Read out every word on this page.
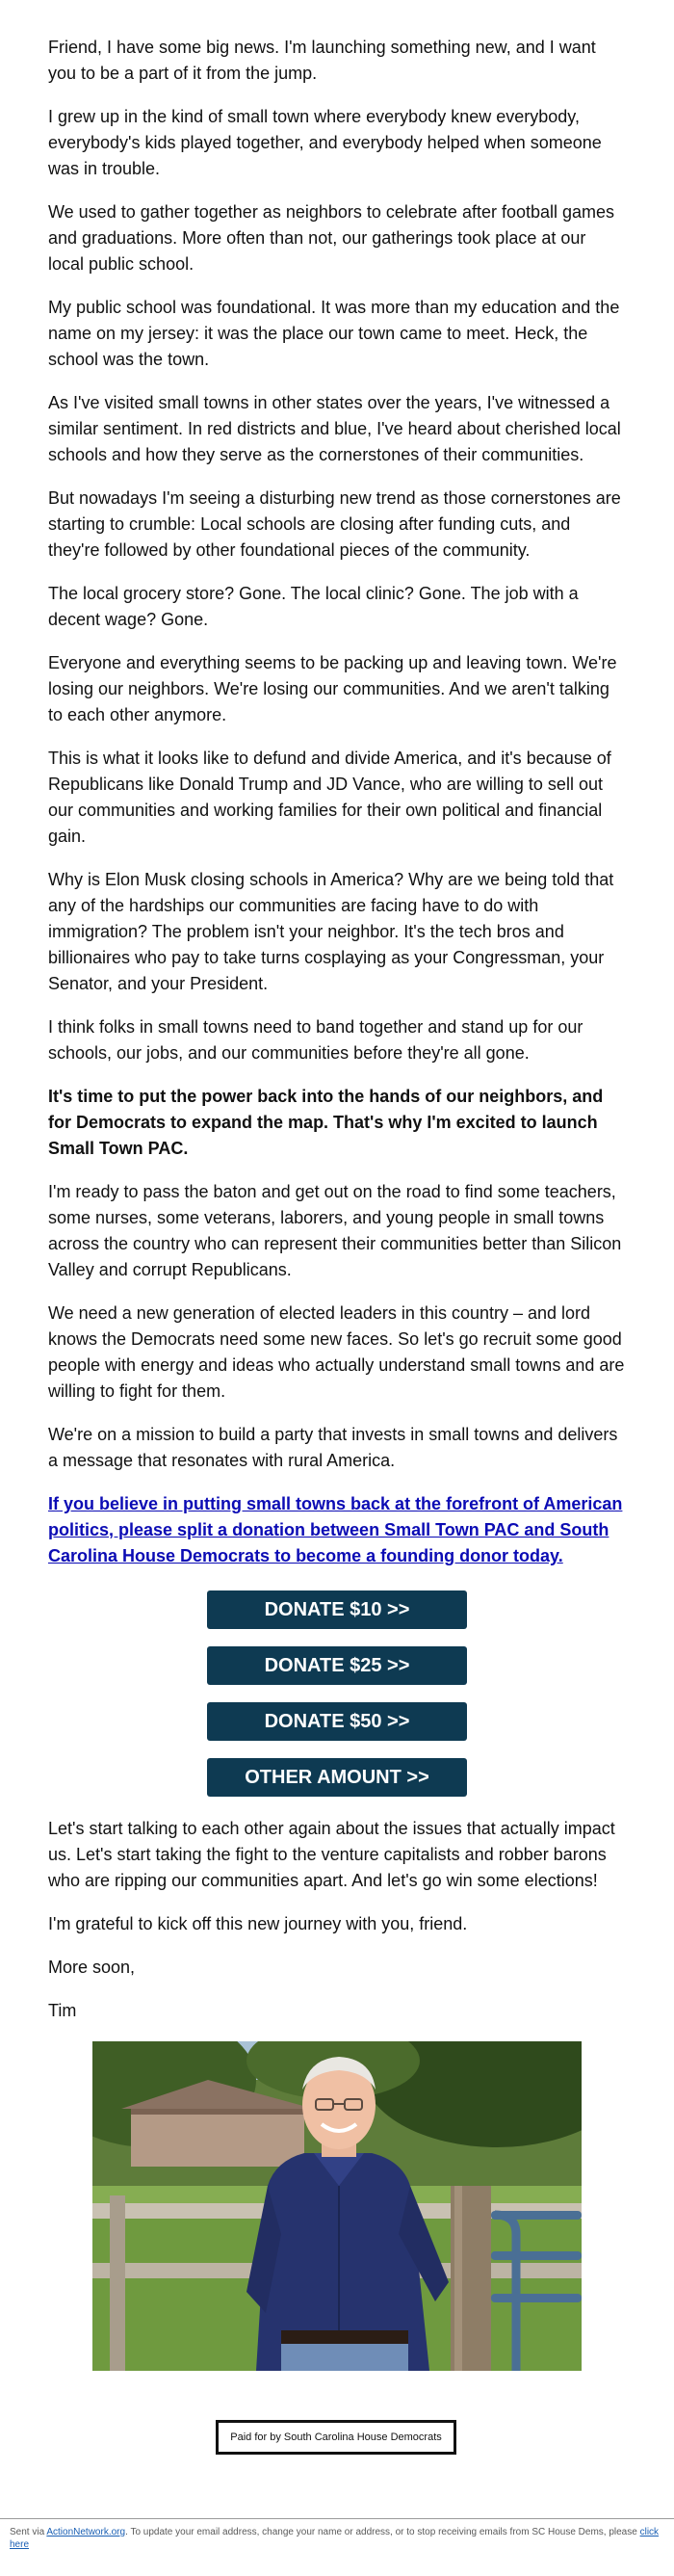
Friend, I have some big news. I'm launching something new, and I want you to be a part of it from the jump.

I grew up in the kind of small town where everybody knew everybody, everybody's kids played together, and everybody helped when someone was in trouble.

We used to gather together as neighbors to celebrate after football games and graduations. More often than not, our gatherings took place at our local public school.

My public school was foundational. It was more than my education and the name on my jersey: it was the place our town came to meet. Heck, the school was the town.

As I've visited small towns in other states over the years, I've witnessed a similar sentiment. In red districts and blue, I've heard about cherished local schools and how they serve as the cornerstones of their communities.

But nowadays I'm seeing a disturbing new trend as those cornerstones are starting to crumble: Local schools are closing after funding cuts, and they're followed by other foundational pieces of the community.

The local grocery store? Gone. The local clinic? Gone. The job with a decent wage? Gone.

Everyone and everything seems to be packing up and leaving town. We're losing our neighbors. We're losing our communities. And we aren't talking to each other anymore.

This is what it looks like to defund and divide America, and it's because of Republicans like Donald Trump and JD Vance, who are willing to sell out our communities and working families for their own political and financial gain.

Why is Elon Musk closing schools in America? Why are we being told that any of the hardships our communities are facing have to do with immigration? The problem isn't your neighbor. It's the tech bros and billionaires who pay to take turns cosplaying as your Congressman, your Senator, and your President.

I think folks in small towns need to band together and stand up for our schools, our jobs, and our communities before they're all gone.

It's time to put the power back into the hands of our neighbors, and for Democrats to expand the map. That's why I'm excited to launch Small Town PAC.

I'm ready to pass the baton and get out on the road to find some teachers, some nurses, some veterans, laborers, and young people in small towns across the country who can represent their communities better than Silicon Valley and corrupt Republicans.

We need a new generation of elected leaders in this country – and lord knows the Democrats need some new faces. So let's go recruit some good people with energy and ideas who actually understand small towns and are willing to fight for them.

We're on a mission to build a party that invests in small towns and delivers a message that resonates with rural America.

If you believe in putting small towns back at the forefront of American politics, please split a donation between Small Town PAC and South Carolina House Democrats to become a founding donor today.

DONATE $10 >>
DONATE $25 >>
DONATE $50 >>
OTHER AMOUNT >>

Let's start talking to each other again about the issues that actually impact us. Let's start taking the fight to the venture capitalists and robber barons who are ripping our communities apart. And let's go win some elections!

I'm grateful to kick off this new journey with you, friend.

More soon,

Tim

Paid for by South Carolina House Democrats
Sent via ActionNetwork.org. To update your email address, change your name or address, or to stop receiving emails from SC House Dems, please click here
